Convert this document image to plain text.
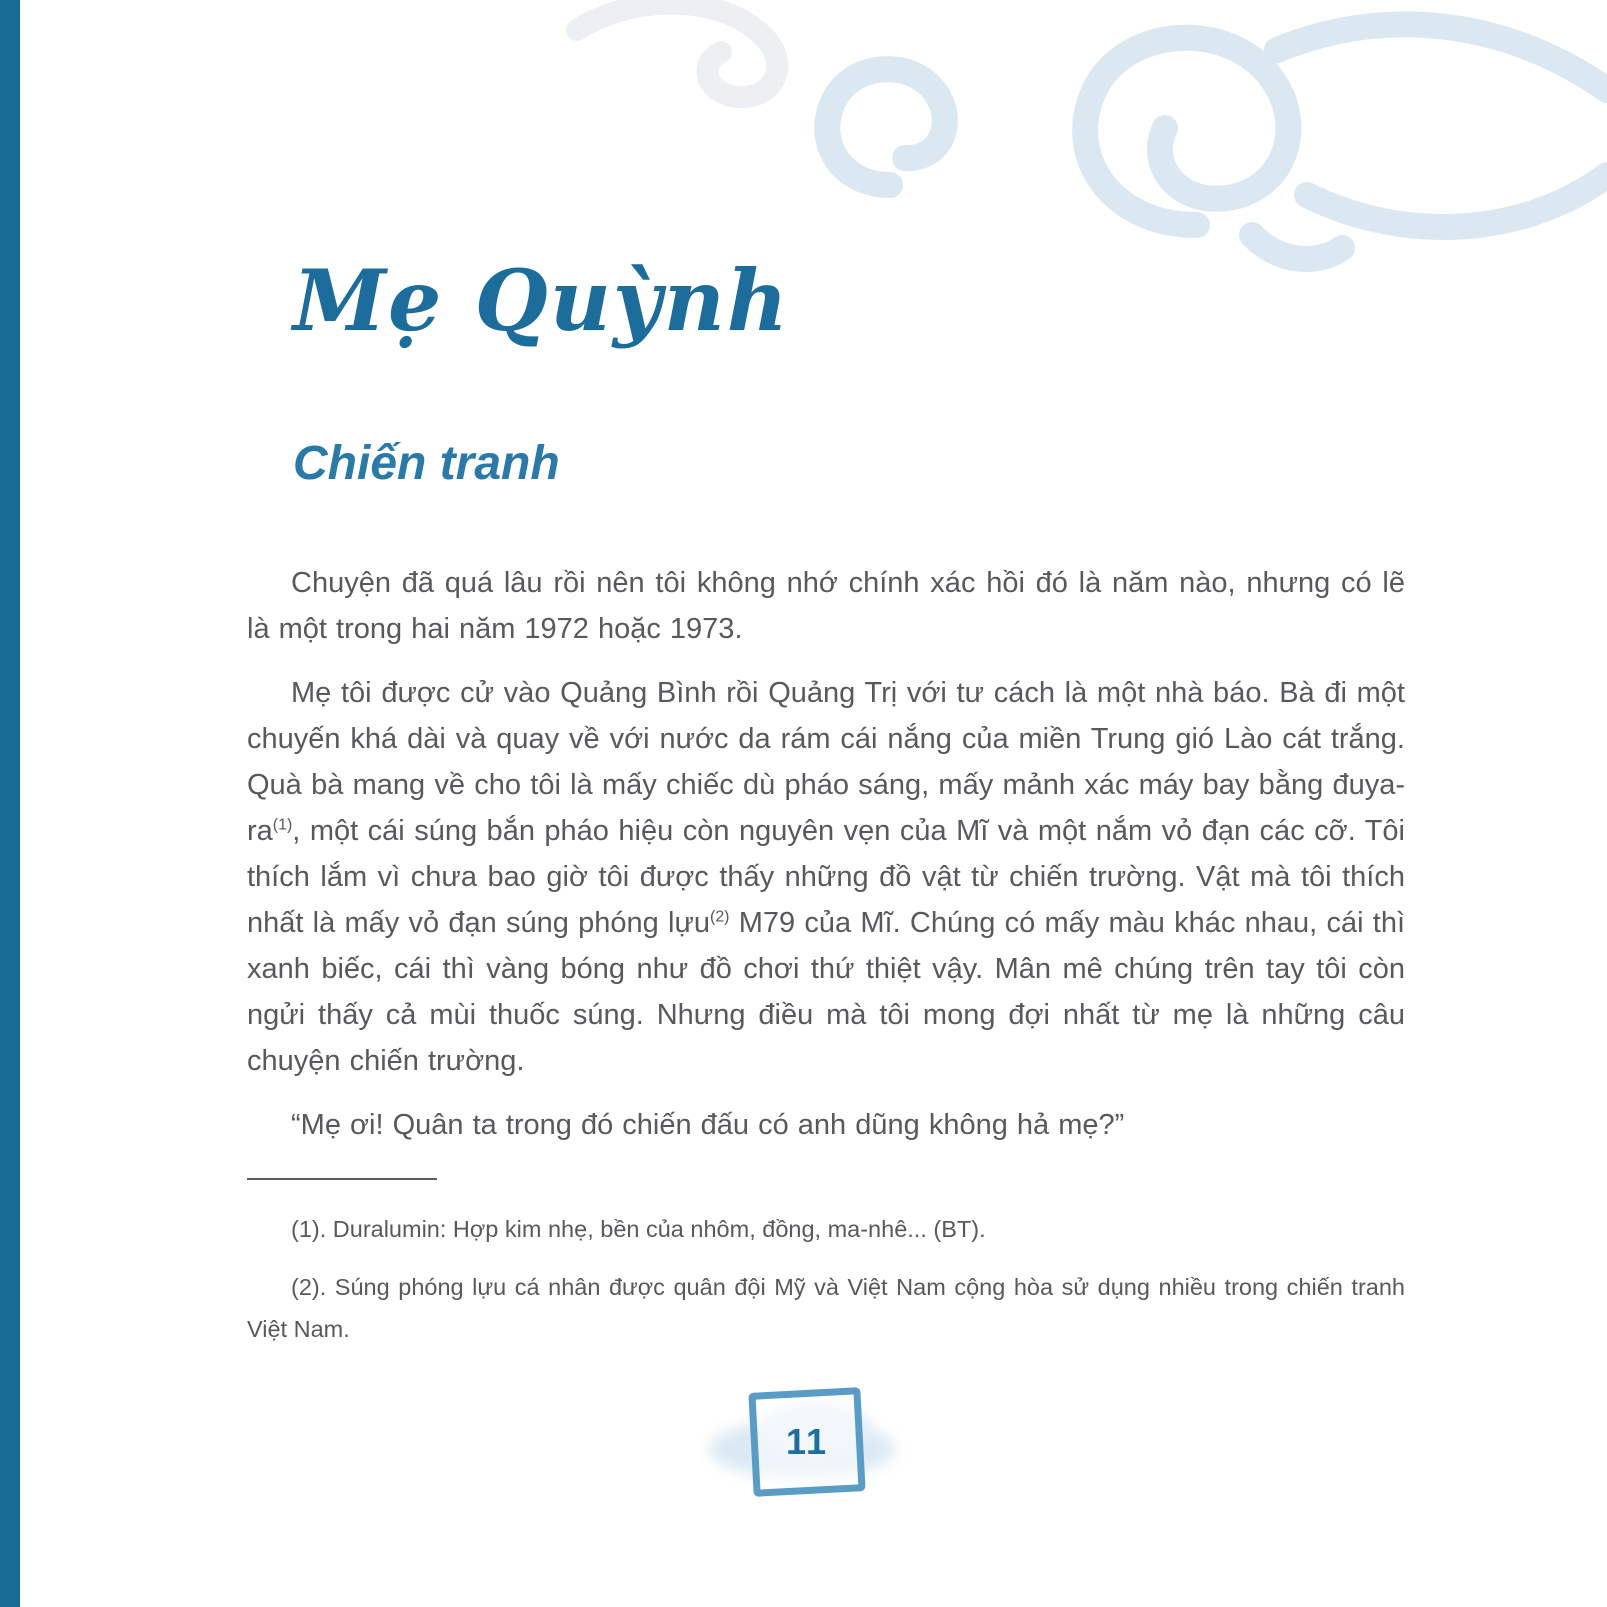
Mẹ Quỳnh
Chiến tranh

Chuyện đã quá lâu rồi nên tôi không nhớ chính xác hồi đó là năm nào, nhưng có lẽ là một trong hai năm 1972 hoặc 1973.

Mẹ tôi được cử vào Quảng Bình rồi Quảng Trị với tư cách là một nhà báo. Bà đi một chuyến khá dài và quay về với nước da rám cái nắng của miền Trung gió Lào cát trắng. Quà bà mang về cho tôi là mấy chiếc dù pháo sáng, mấy mảnh xác máy bay bằng đuya-ra$^{(1)}$, một cái súng bắn pháo hiệu còn nguyên vẹn của Mĩ và một nắm vỏ đạn các cỡ. Tôi thích lắm vì chưa bao giờ tôi được thấy những đồ vật từ chiến trường. Vật mà tôi thích nhất là mấy vỏ đạn súng phóng lựu$^{(2)}$ M79 của Mĩ. Chúng có mấy màu khác nhau, cái thì xanh biếc, cái thì vàng bóng như đồ chơi thứ thiệt vậy. Mân mê chúng trên tay tôi còn ngửi thấy cả mùi thuốc súng. Nhưng điều mà tôi mong đợi nhất từ mẹ là những câu chuyện chiến trường.

“Mẹ ơi! Quân ta trong đó chiến đấu có anh dũng không hả mẹ?”

(1). Duralumin: Hợp kim nhẹ, bền của nhôm, đồng, ma-nhê... (BT).

(2). Súng phóng lựu cá nhân được quân đội Mỹ và Việt Nam cộng hòa sử dụng nhiều trong chiến tranh Việt Nam.

11
